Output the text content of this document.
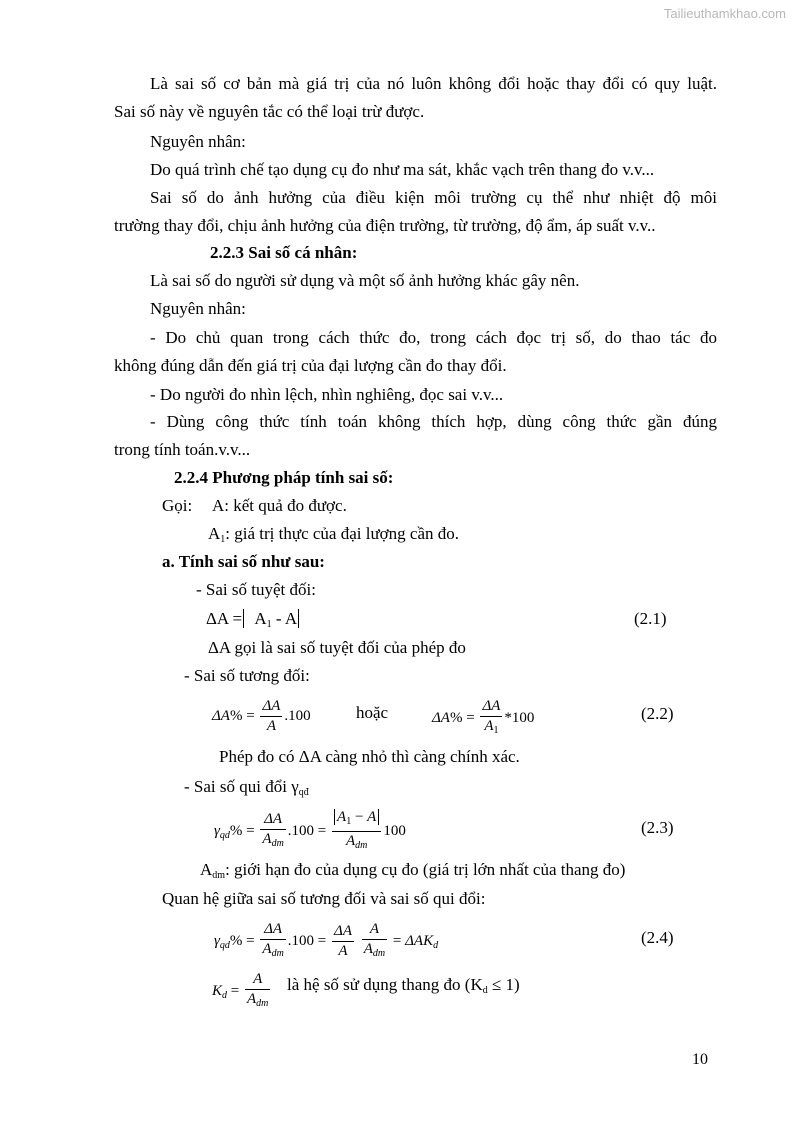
Tailieuthamkhao.com
Là sai số cơ bản mà giá trị của nó luôn không đổi hoặc thay đổi có quy luật.
Sai số này về nguyên tắc có thể loại trừ được.
Nguyên nhân:
Do quá trình chế tạo dụng cụ đo như ma sát, khắc vạch trên thang đo v.v...
Sai số do ảnh hưởng của điều kiện môi trường cụ thể như nhiệt độ môi
trường thay đổi, chịu ảnh hưởng của điện trường, từ trường, độ ẩm, áp suất v.v..
2.2.3 Sai số cá nhân:
Là sai số do người sử dụng và một số ảnh hưởng khác gây nên.
Nguyên nhân:
- Do chủ quan trong cách thức đo, trong cách đọc trị số, do thao tác đo
không đúng dẫn đến giá trị của đại lượng cần đo thay đổi.
- Do người đo nhìn lệch, nhìn nghiêng, đọc sai v.v...
- Dùng công thức tính toán không thích hợp, dùng công thức gần đúng
trong tính toán.v.v...
2.2.4 Phương pháp tính sai số:
Gọi: A: kết quả đo được.
$A_1$: giá trị thực của đại lượng cần đo.
a. Tính sai số như sau:
- Sai số tuyệt đối:
$\Delta A = A_1 - A$	(2.1)
ΔA gọi là sai số tuyệt đối của phép đo
- Sai số tương đối:
$\Delta A\% = \frac{\Delta A}{A} .100$	hoặc	$\Delta A\% = \frac{\Delta A}{A_1} *100$	(2.2)
Phép đo có ΔA càng nhỏ thì càng chính xác.
- Sai số qui đổi $\gamma_{qđ}$
$\gamma_{qd}\% = \frac{\Delta A}{A_{dm}} .100 = \frac{A_1 - A}{A_{dm}} 100$	(2.3)
$A_{dm}$: giới hạn đo của dụng cụ đo (giá trị lớn nhất của thang đo)
Quan hệ giữa sai số tương đối và sai số qui đổi:
$\gamma_{qd}\% = \frac{\Delta A}{A_{dm}} .100 = \frac{\Delta A}{A}$
$\frac{A}{A_{dm}} = \Delta AK_d$	(2.4)
$K_d = \frac{A}{A_{dm}}$ là hệ số sử dụng thang đo $(K_d \le 1)$
10
